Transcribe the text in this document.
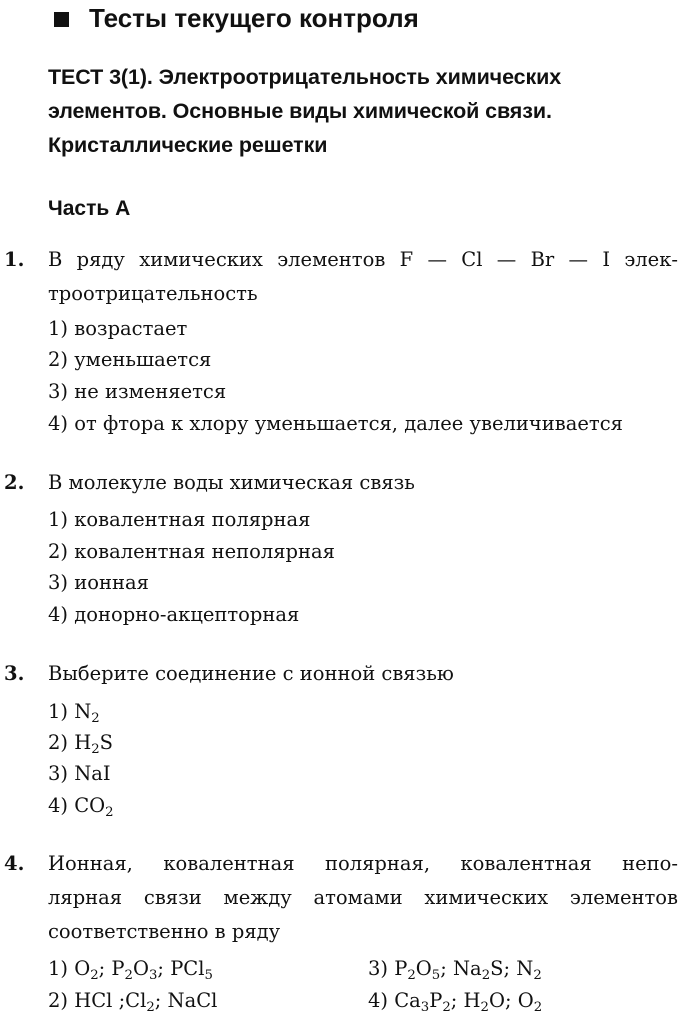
Тесты текущего контроля
ТЕСТ 3(1). Электроотрицательность химических
элементов. Основные виды химической связи.
Кристаллические решетки
Часть А
1. В ряду химических элементов F — Cl — Br — I элек-
троотрицательность
1) возрастает
2) уменьшается
3) не изменяется
4) от фтора к хлору уменьшается, далее увеличивается
2. В молекуле воды химическая связь
1) ковалентная полярная
2) ковалентная неполярная
3) ионная
4) донорно-акцепторная
3. Выберите соединение с ионной связью
1) $N_2$
2) $H_2S$
3) NaI
4) $CO_2$
4. Ионная, ковалентная полярная, ковалентная непо-
лярная связи между атомами химических элементов
соответственно в ряду
1) $O_2$; $P_2O_3$; PCl$_5$	3) $P_2O_5$; $Na_2S$; $N_2$
2) HCl $;Cl_2$; NaCl	4) $Ca_3P_2$; $H_2O$; $O_2$
